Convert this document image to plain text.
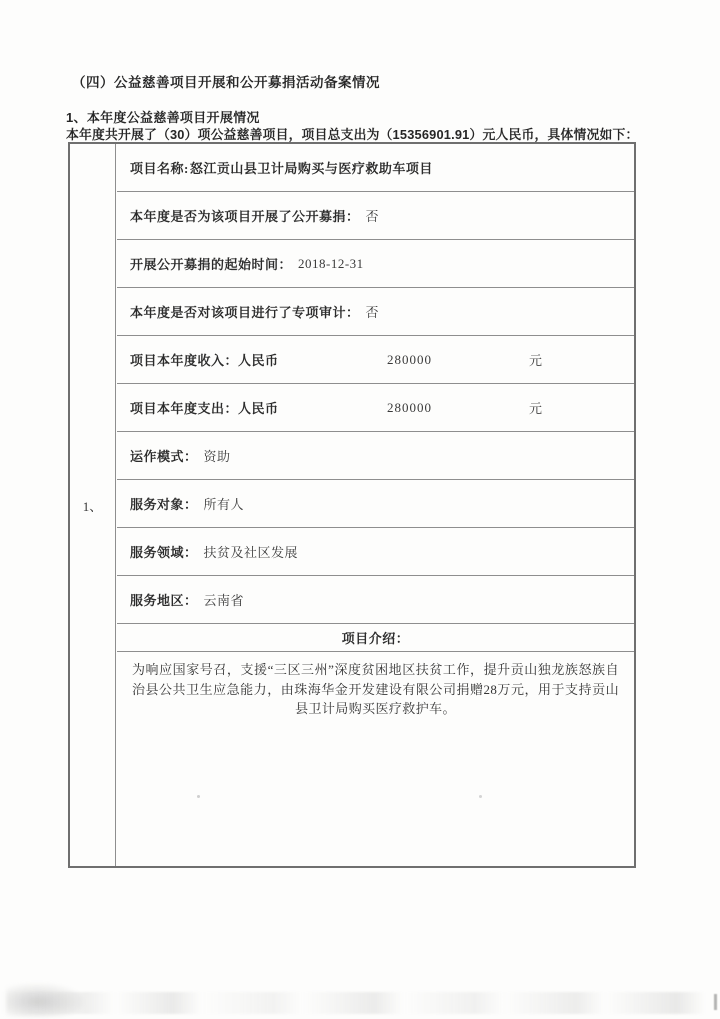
（四）公益慈善项目开展和公开募捐活动备案情况
1、本年度公益慈善项目开展情况
本年度共开展了（30）项公益慈善项目，项目总支出为（15356901.91）元人民币，具体情况如下：
1、
项目名称: 怒江贡山县卫计局购买与医疗救助车项目
本年度是否为该项目开展了公开募捐： 否
开展公开募捐的起始时间： 2018-12-31
本年度是否对该项目进行了专项审计： 否
项目本年度收入：人民币	280000	元
项目本年度支出：人民币	280000	元
运作模式： 资助
服务对象： 所有人
服务领域： 扶贫及社区发展
服务地区： 云南省
项目介绍：
为响应国家号召，支援“三区三州”深度贫困地区扶贫工作，提升贡山独龙族怒族自治县公共卫生应急能力，由珠海华金开发建设有限公司捐赠28万元，用于支持贡山县卫计局购买医疗救护车。
